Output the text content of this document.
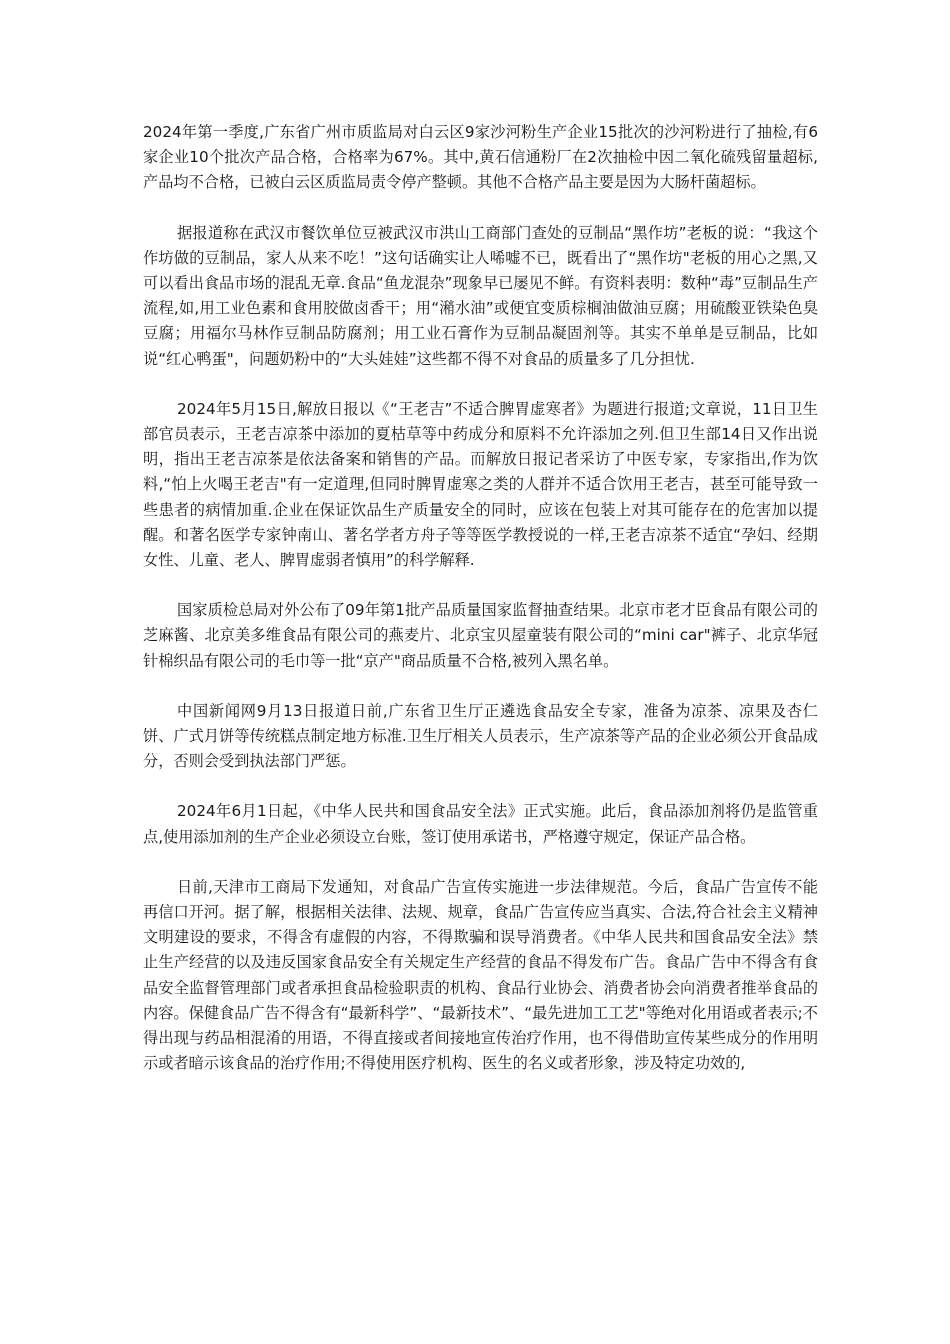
2024年第一季度,广东省广州市质监局对白云区9家沙河粉生产企业15批次的沙河粉进行了抽检,有6家企业10个批次产品合格，合格率为67%。其中,黄石信通粉厂在2次抽检中因二氧化硫残留量超标,产品均不合格，已被白云区质监局责令停产整顿。其他不合格产品主要是因为大肠杆菌超标。

据报道称在武汉市餐饮单位豆被武汉市洪山工商部门查处的豆制品“黑作坊”老板的说：“我这个作坊做的豆制品，家人从来不吃！”这句话确实让人唏嘘不已，既看出了“黑作坊"老板的用心之黑,又可以看出食品市场的混乱无章.食品“鱼龙混杂”现象早已屡见不鲜。有资料表明：数种“毒”豆制品生产流程,如,用工业色素和食用胶做卤香干；用“潲水油”或便宜变质棕榈油做油豆腐；用硫酸亚铁染色臭豆腐；用福尔马林作豆制品防腐剂；用工业石膏作为豆制品凝固剂等。其实不单单是豆制品，比如说“红心鸭蛋"，问题奶粉中的“大头娃娃”这些都不得不对食品的质量多了几分担忧.

2024年5月15日,解放日报以《“王老吉”不适合脾胃虚寒者》为题进行报道;文章说，11日卫生部官员表示，王老吉凉茶中添加的夏枯草等中药成分和原料不允许添加之列.但卫生部14日又作出说明，指出王老吉凉茶是依法备案和销售的产品。而解放日报记者采访了中医专家，专家指出,作为饮料,“怕上火喝王老吉"有一定道理,但同时脾胃虚寒之类的人群并不适合饮用王老吉，甚至可能导致一些患者的病情加重.企业在保证饮品生产质量安全的同时，应该在包装上对其可能存在的危害加以提醒。和著名医学专家钟南山、著名学者方舟子等等医学教授说的一样,王老吉凉茶不适宜“孕妇、经期女性、儿童、老人、脾胃虚弱者慎用”的科学解释.

国家质检总局对外公布了09年第1批产品质量国家监督抽查结果。北京市老才臣食品有限公司的芝麻酱、北京美多维食品有限公司的燕麦片、北京宝贝屋童装有限公司的“mini car"裤子、北京华冠针棉织品有限公司的毛巾等一批“京产"商品质量不合格,被列入黑名单。

中国新闻网9月13日报道日前,广东省卫生厅正遴选食品安全专家，准备为凉茶、凉果及杏仁饼、广式月饼等传统糕点制定地方标准.卫生厅相关人员表示，生产凉茶等产品的企业必须公开食品成分，否则会受到执法部门严惩。

2024年6月1日起，《中华人民共和国食品安全法》正式实施。此后，食品添加剂将仍是监管重点,使用添加剂的生产企业必须设立台账，签订使用承诺书，严格遵守规定，保证产品合格。

日前,天津市工商局下发通知，对食品广告宣传实施进一步法律规范。今后，食品广告宣传不能再信口开河。据了解，根据相关法律、法规、规章，食品广告宣传应当真实、合法,符合社会主义精神文明建设的要求，不得含有虚假的内容，不得欺骗和误导消费者。《中华人民共和国食品安全法》禁止生产经营的以及违反国家食品安全有关规定生产经营的食品不得发布广告。食品广告中不得含有食品安全监督管理部门或者承担食品检验职责的机构、食品行业协会、消费者协会向消费者推举食品的内容。保健食品广告不得含有“最新科学”、“最新技术”、“最先进加工工艺"等绝对化用语或者表示;不得出现与药品相混淆的用语，不得直接或者间接地宣传治疗作用，也不得借助宣传某些成分的作用明示或者暗示该食品的治疗作用;不得使用医疗机构、医生的名义或者形象，涉及特定功效的,
